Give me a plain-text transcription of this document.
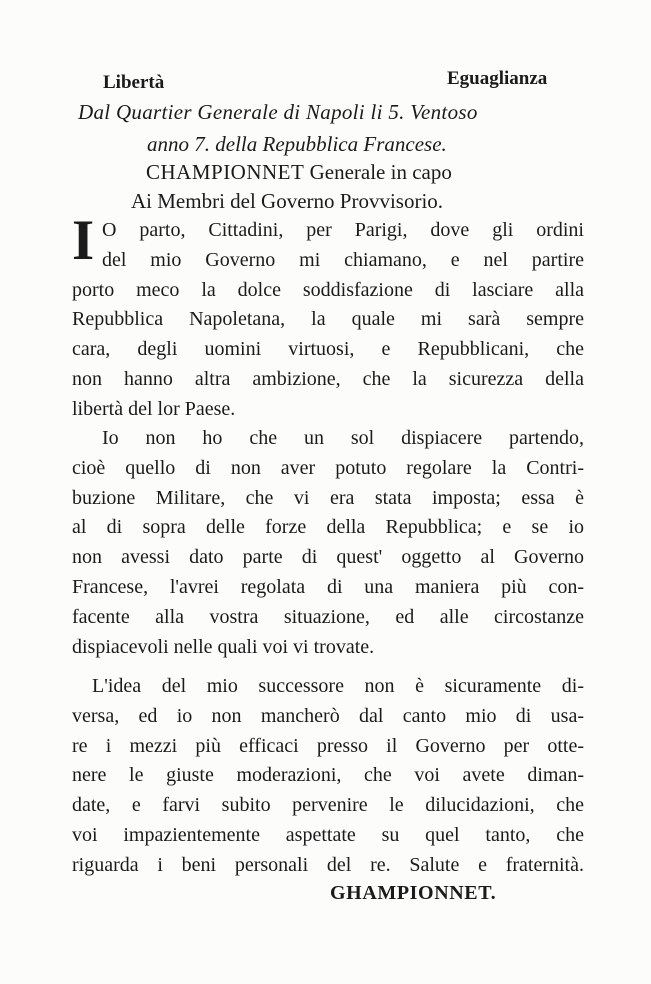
Libertà	Eguaglianza
Dal Quartier Generale di Napoli li 5. Ventoso
anno 7. della Repubblica Francese.
CHAMPIONNET Generale in capo
Ai Membri del Governo Provvisorio.
I O parto, Cittadini, per Parigi, dove gli ordini
del mio Governo mi chiamano, e nel partire
porto meco la dolce soddisfazione di lasciare alla
Repubblica Napoletana, la quale mi sarà sempre
cara, degli uomini virtuosi, e Repubblicani, che
non hanno altra ambizione, che la sicurezza della
libertà del lor Paese.
Io non ho che un sol dispiacere partendo,
cioè quello di non aver potuto regolare la Contri-
buzione Militare, che vi era stata imposta; essa è
al di sopra delle forze della Repubblica; e se io
non avessi dato parte di quest' oggetto al Governo
Francese, l'avrei regolata di una maniera più con-
facente alla vostra situazione, ed alle circostanze
dispiacevoli nelle quali voi vi trovate.
L'idea del mio successore non è sicuramente di-
versa, ed io non mancherò dal canto mio di usa-
re i mezzi più efficaci presso il Governo per otte-
nere le giuste moderazioni, che voi avete diman-
date, e farvi subito pervenire le dilucidazioni, che
voi impazientemente aspettate su quel tanto, che
riguarda i beni personali del re. Salute e fraternità.
GHAMPIONNET.
